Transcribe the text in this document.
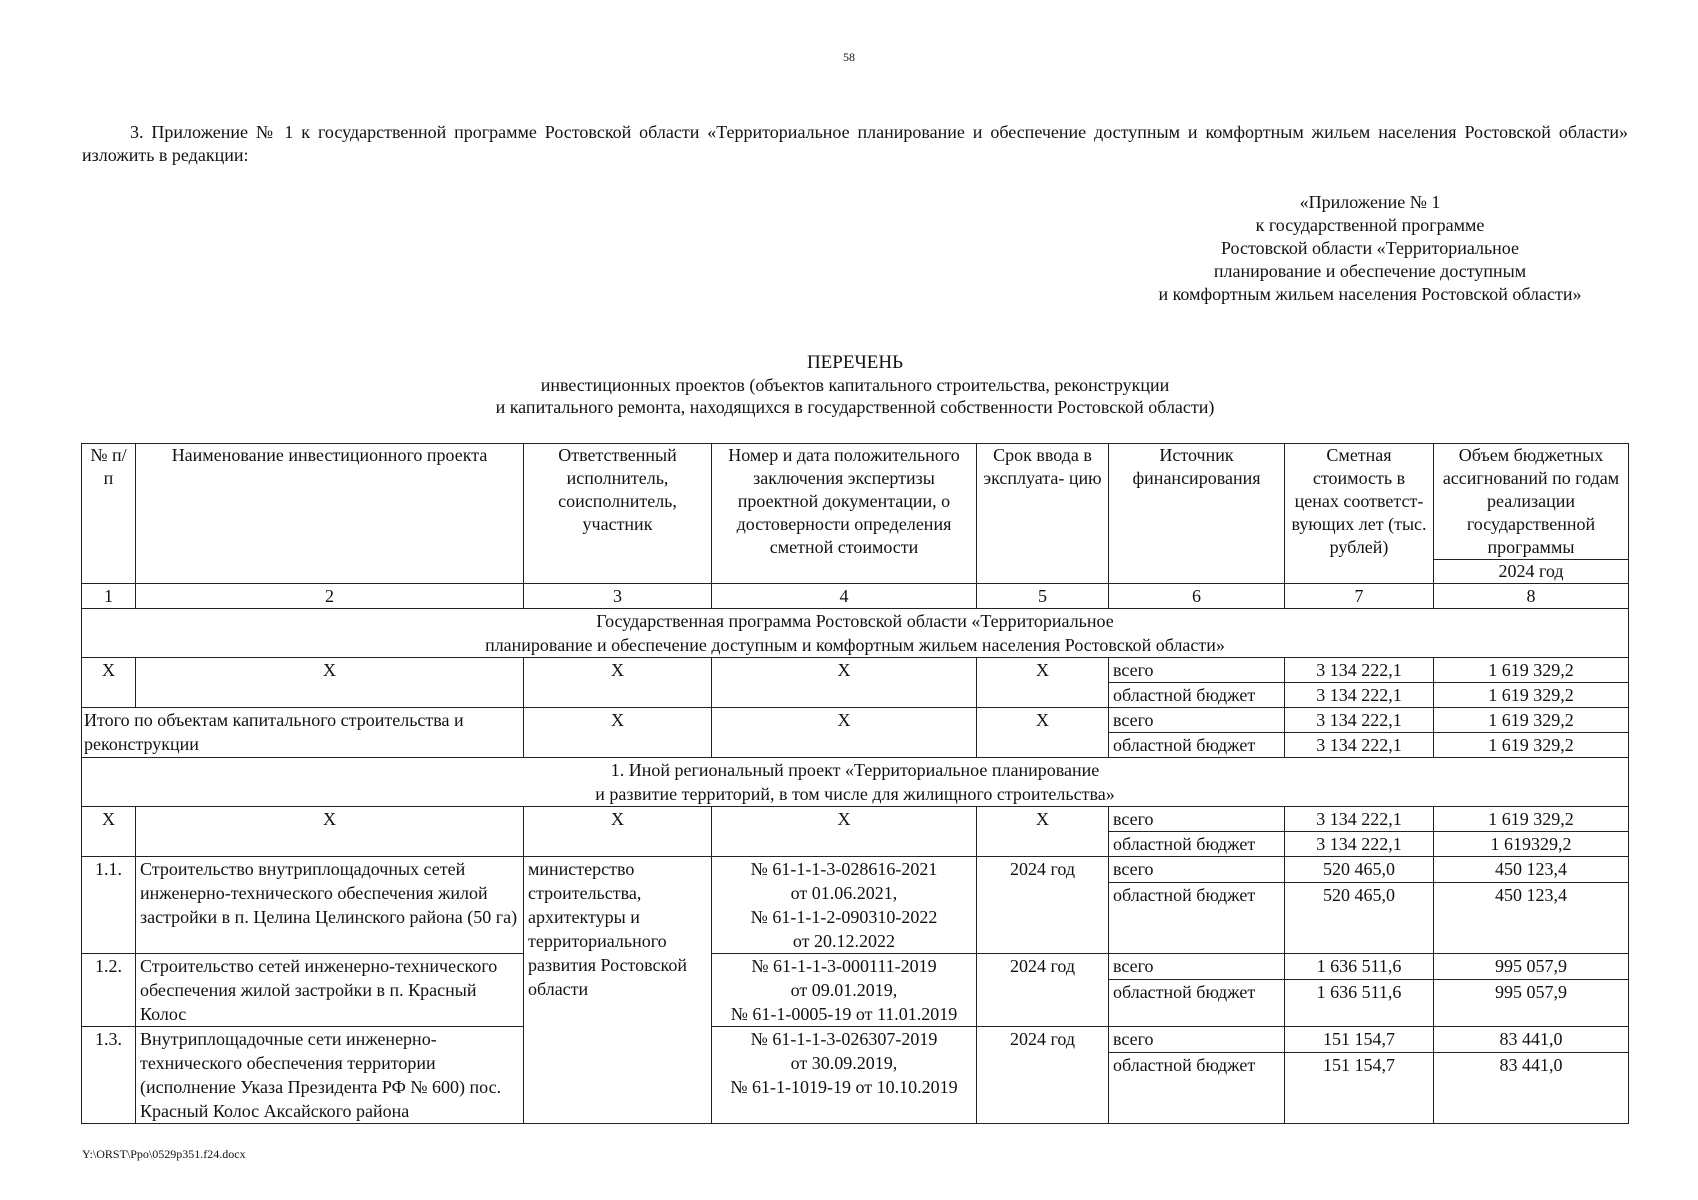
58
3. Приложение № 1 к государственной программе Ростовской области «Территориальное планирование и обеспечение доступным и комфортным жильем населения Ростовской области» изложить в редакции:
«Приложение № 1
к государственной программе
Ростовской области «Территориальное
планирование и обеспечение доступным
и комфортным жильем населения Ростовской области»
ПЕРЕЧЕНЬ
инвестиционных проектов (объектов капитального строительства, реконструкции
и капитального ремонта, находящихся в государственной собственности Ростовской области)
№ п/п	Наименование инвестиционного проекта	Ответственный исполнитель, соисполнитель, участник	Номер и дата положительного заключения экспертизы проектной документации, о достоверности определения сметной стоимости	Срок ввода в эксплуата- цию	Источник финансирования	Сметная стоимость в ценах соответст- вующих лет (тыс. рублей)	Объем бюджетных ассигнований по годам реализации государственной программы
							2024 год
1	2	3	4	5	6	7	8

Государственная программа Ростовской области «Территориальное
планирование и обеспечение доступным и комфортным жильем населения Ростовской области»							

Х	Х	Х	Х	Х	всего	3 134 222,1	1 619 329,2
					областной бюджет	3 134 222,1	1 619 329,2
Итого по объектам капитального строительства и реконструкции		Х	Х	Х	всего	3 134 222,1	1 619 329,2
					областной бюджет	3 134 222,1	1 619 329,2

1. Иной региональный проект «Территориальное планирование
и развитие территорий, в том числе для жилищного строительства»							

Х	Х	Х	Х	Х	всего	3 134 222,1	1 619 329,2
					областной бюджет	3 134 222,1	1 619329,2
1.1.	Строительство внутриплощадочных сетей инженерно-технического обеспечения жилой застройки в п. Целина Целинского района (50 га)	министерство строительства, архитектуры и территориального развития Ростовской области	№ 61-1-1-3-028616-2021
от 01.06.2021,
№ 61-1-1-2-090310-2022
от 20.12.2022	2024 год	всего	520 465,0	450 123,4
					областной бюджет	520 465,0	450 123,4
1.2.	Строительство сетей инженерно-технического обеспечения жилой застройки в п. Красный Колос		№ 61-1-1-3-000111-2019
от 09.01.2019,
№ 61-1-0005-19 от 11.01.2019	2024 год	всего	1 636 511,6	995 057,9
					областной бюджет	1 636 511,6	995 057,9
1.3.	Внутриплощадочные сети инженерно-технического обеспечения территории (исполнение Указа Президента РФ № 600) пос. Красный Колос Аксайского района		№ 61-1-1-3-026307-2019
от 30.09.2019,
№ 61-1-1019-19 от 10.10.2019	2024 год	всего	151 154,7	83 441,0
					областной бюджет	151 154,7	83 441,0
Y:\ORST\Ppo\0529p351.f24.docx
